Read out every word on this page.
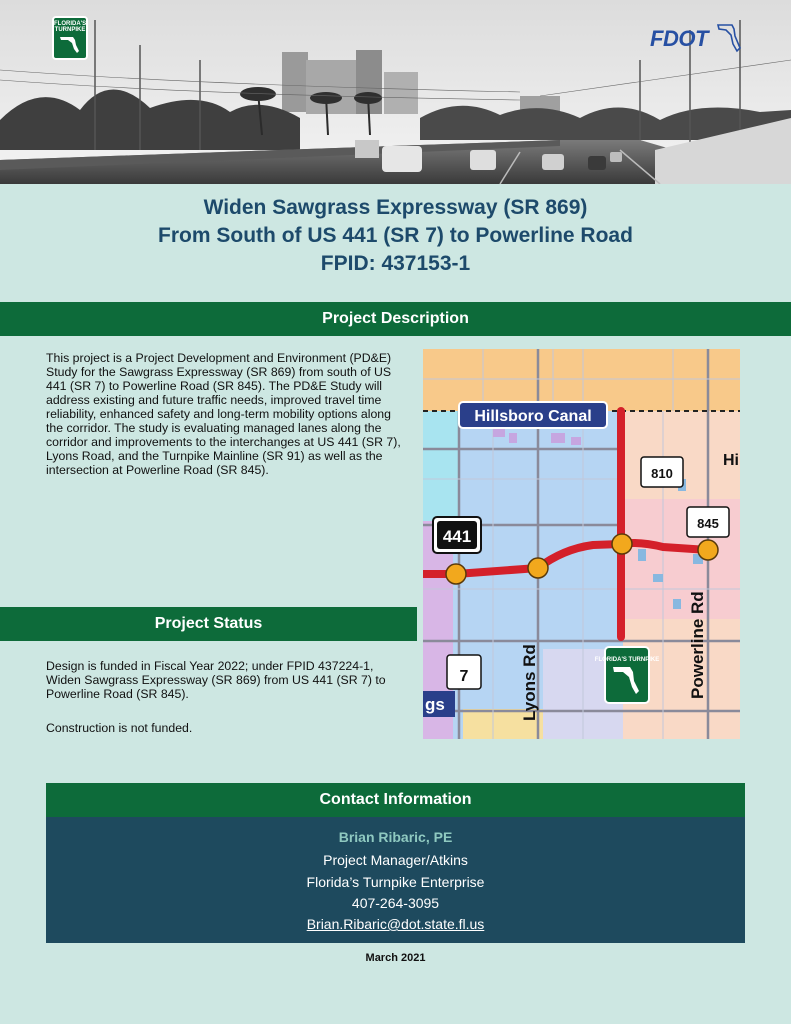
FLORIDA'S TURNPIKE	FDOT
Widen Sawgrass Expressway (SR 869)
From South of US 441 (SR 7) to Powerline Road
FPID: 437153-1
Project Description
This project is a Project Development and Environment (PD&E) Study for the Sawgrass Expressway (SR 869) from south of US 441 (SR 7) to Powerline Road (SR 845). The PD&E Study will address existing and future traffic needs, improved travel time reliability, enhanced safety and long-term mobility options along the corridor. The study is evaluating managed lanes along the corridor and improvements to the interchanges at US 441 (SR 7), Lyons Road, and the Turnpike Mainline (SR 91) as well as the intersection at Powerline Road (SR 845).
Hillsboro Canal
Hi
810
845
441
7
gs	Lyons Rd	Powerline Rd
FLORIDA'S TURNPIKE
Project Status
Design is funded in Fiscal Year 2022; under FPID 437224-1, Widen Sawgrass Expressway (SR 869) from US 441 (SR 7) to Powerline Road (SR 845).
Construction is not funded.
Contact Information
Brian Ribaric, PE
Project Manager/Atkins
Florida’s Turnpike Enterprise
407-264-3095
Brian.Ribaric@dot.state.fl.us
March 2021
